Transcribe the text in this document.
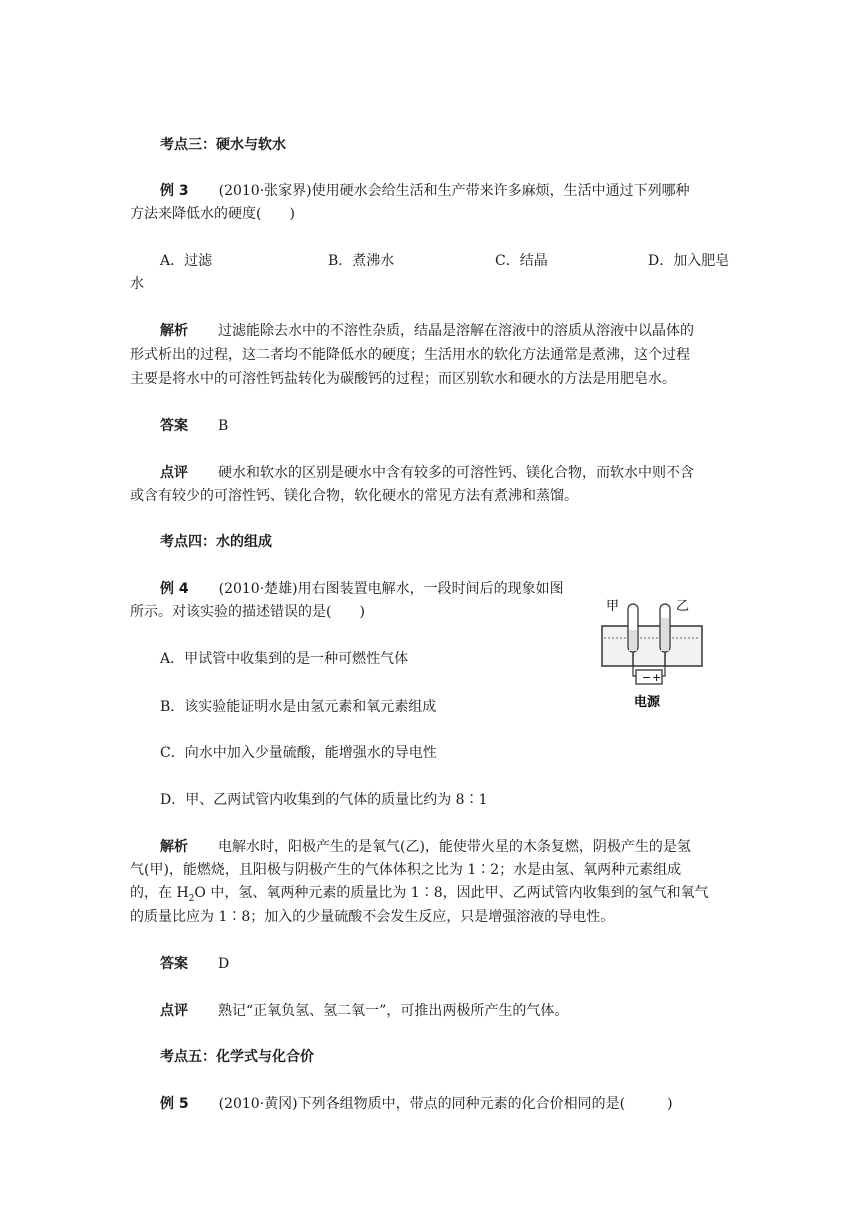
考点三：硬水与软水
例 3 (2010·张家界)使用硬水会给生活和生产带来许多麻烦，生活中通过下列哪种
方法来降低水的硬度(　　)
A．过滤	B．煮沸水	C．结晶	D．加入肥皂
水
解析 过滤能除去水中的不溶性杂质，结晶是溶解在溶液中的溶质从溶液中以晶体的
形式析出的过程，这二者均不能降低水的硬度；生活用水的软化方法通常是煮沸，这个过程
主要是将水中的可溶性钙盐转化为碳酸钙的过程；而区别软水和硬水的方法是用肥皂水。
答案 B
点评 硬水和软水的区别是硬水中含有较多的可溶性钙、镁化合物，而软水中则不含
或含有较少的可溶性钙、镁化合物，软化硬水的常见方法有煮沸和蒸馏。
考点四：水的组成
例 4 (2010·楚雄)用右图装置电解水，一段时间后的现象如图
所示。对该实验的描述错误的是(　　)
A．甲试管中收集到的是一种可燃性气体
B．该实验能证明水是由氢元素和氧元素组成
C．向水中加入少量硫酸，能增强水的导电性
D．甲、乙两试管内收集到的气体的质量比约为 8∶1
− +
甲	乙
电源
解析 电解水时，阳极产生的是氧气(乙)，能使带火星的木条复燃，阴极产生的是氢
气(甲)，能燃烧，且阳极与阴极产生的气体体积之比为 1∶2；水是由氢、氧两种元素组成
的，在 $H_2O$ 中，氢、氧两种元素的质量比为 1∶8，因此甲、乙两试管内收集到的氢气和氧气
的质量比应为 1∶8；加入的少量硫酸不会发生反应，只是增强溶液的导电性。
答案 D
点评 熟记“正氧负氢、氢二氧一”，可推出两极所产生的气体。
考点五：化学式与化合价
例 5 (2010·黄冈)下列各组物质中，带点的同种元素的化合价相同的是(　　　)
